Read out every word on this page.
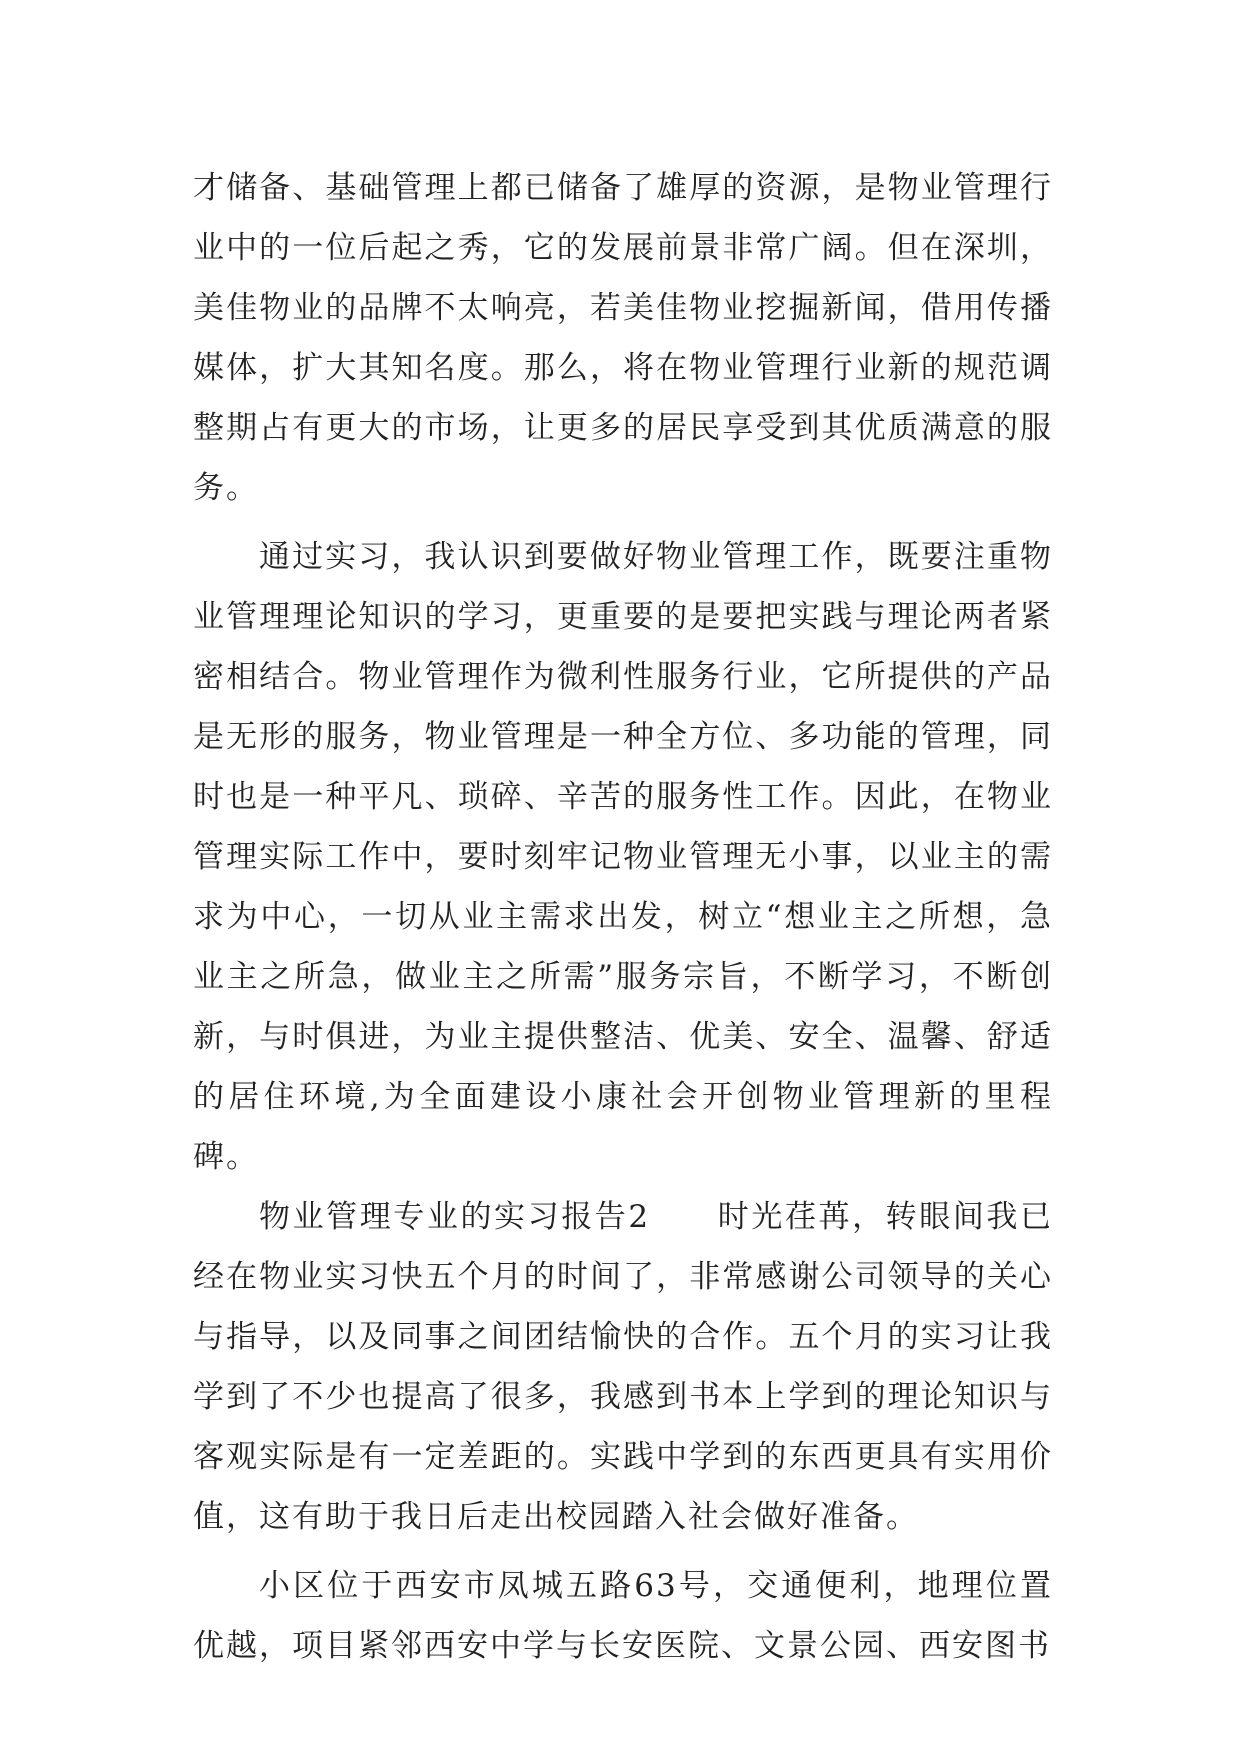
才储备、基础管理上都已储备了雄厚的资源，是物业管理行业中的一位后起之秀，它的发展前景非常广阔。但在深圳，美佳物业的品牌不太响亮，若美佳物业挖掘新闻，借用传播媒体，扩大其知名度。那么，将在物业管理行业新的规范调整期占有更大的市场，让更多的居民享受到其优质满意的服务。

通过实习，我认识到要做好物业管理工作，既要注重物业管理理论知识的学习，更重要的是要把实践与理论两者紧密相结合。物业管理作为微利性服务行业，它所提供的产品是无形的服务，物业管理是一种全方位、多功能的管理，同时也是一种平凡、琐碎、辛苦的服务性工作。因此，在物业管理实际工作中，要时刻牢记物业管理无小事，以业主的需求为中心，一切从业主需求出发，树立“想业主之所想，急业主之所急，做业主之所需”服务宗旨，不断学习，不断创新，与时俱进，为业主提供整洁、优美、安全、温馨、舒适的居住环境,为全面建设小康社会开创物业管理新的里程碑。

物业管理专业的实习报告2　　时光荏苒，转眼间我已经在物业实习快五个月的时间了，非常感谢公司领导的关心与指导，以及同事之间团结愉快的合作。五个月的实习让我学到了不少也提高了很多，我感到书本上学到的理论知识与客观实际是有一定差距的。实践中学到的东西更具有实用价值，这有助于我日后走出校园踏入社会做好准备。

小区位于西安市凤城五路63号，交通便利，地理位置优越，项目紧邻西安中学与长安医院、文景公园、西安图书
